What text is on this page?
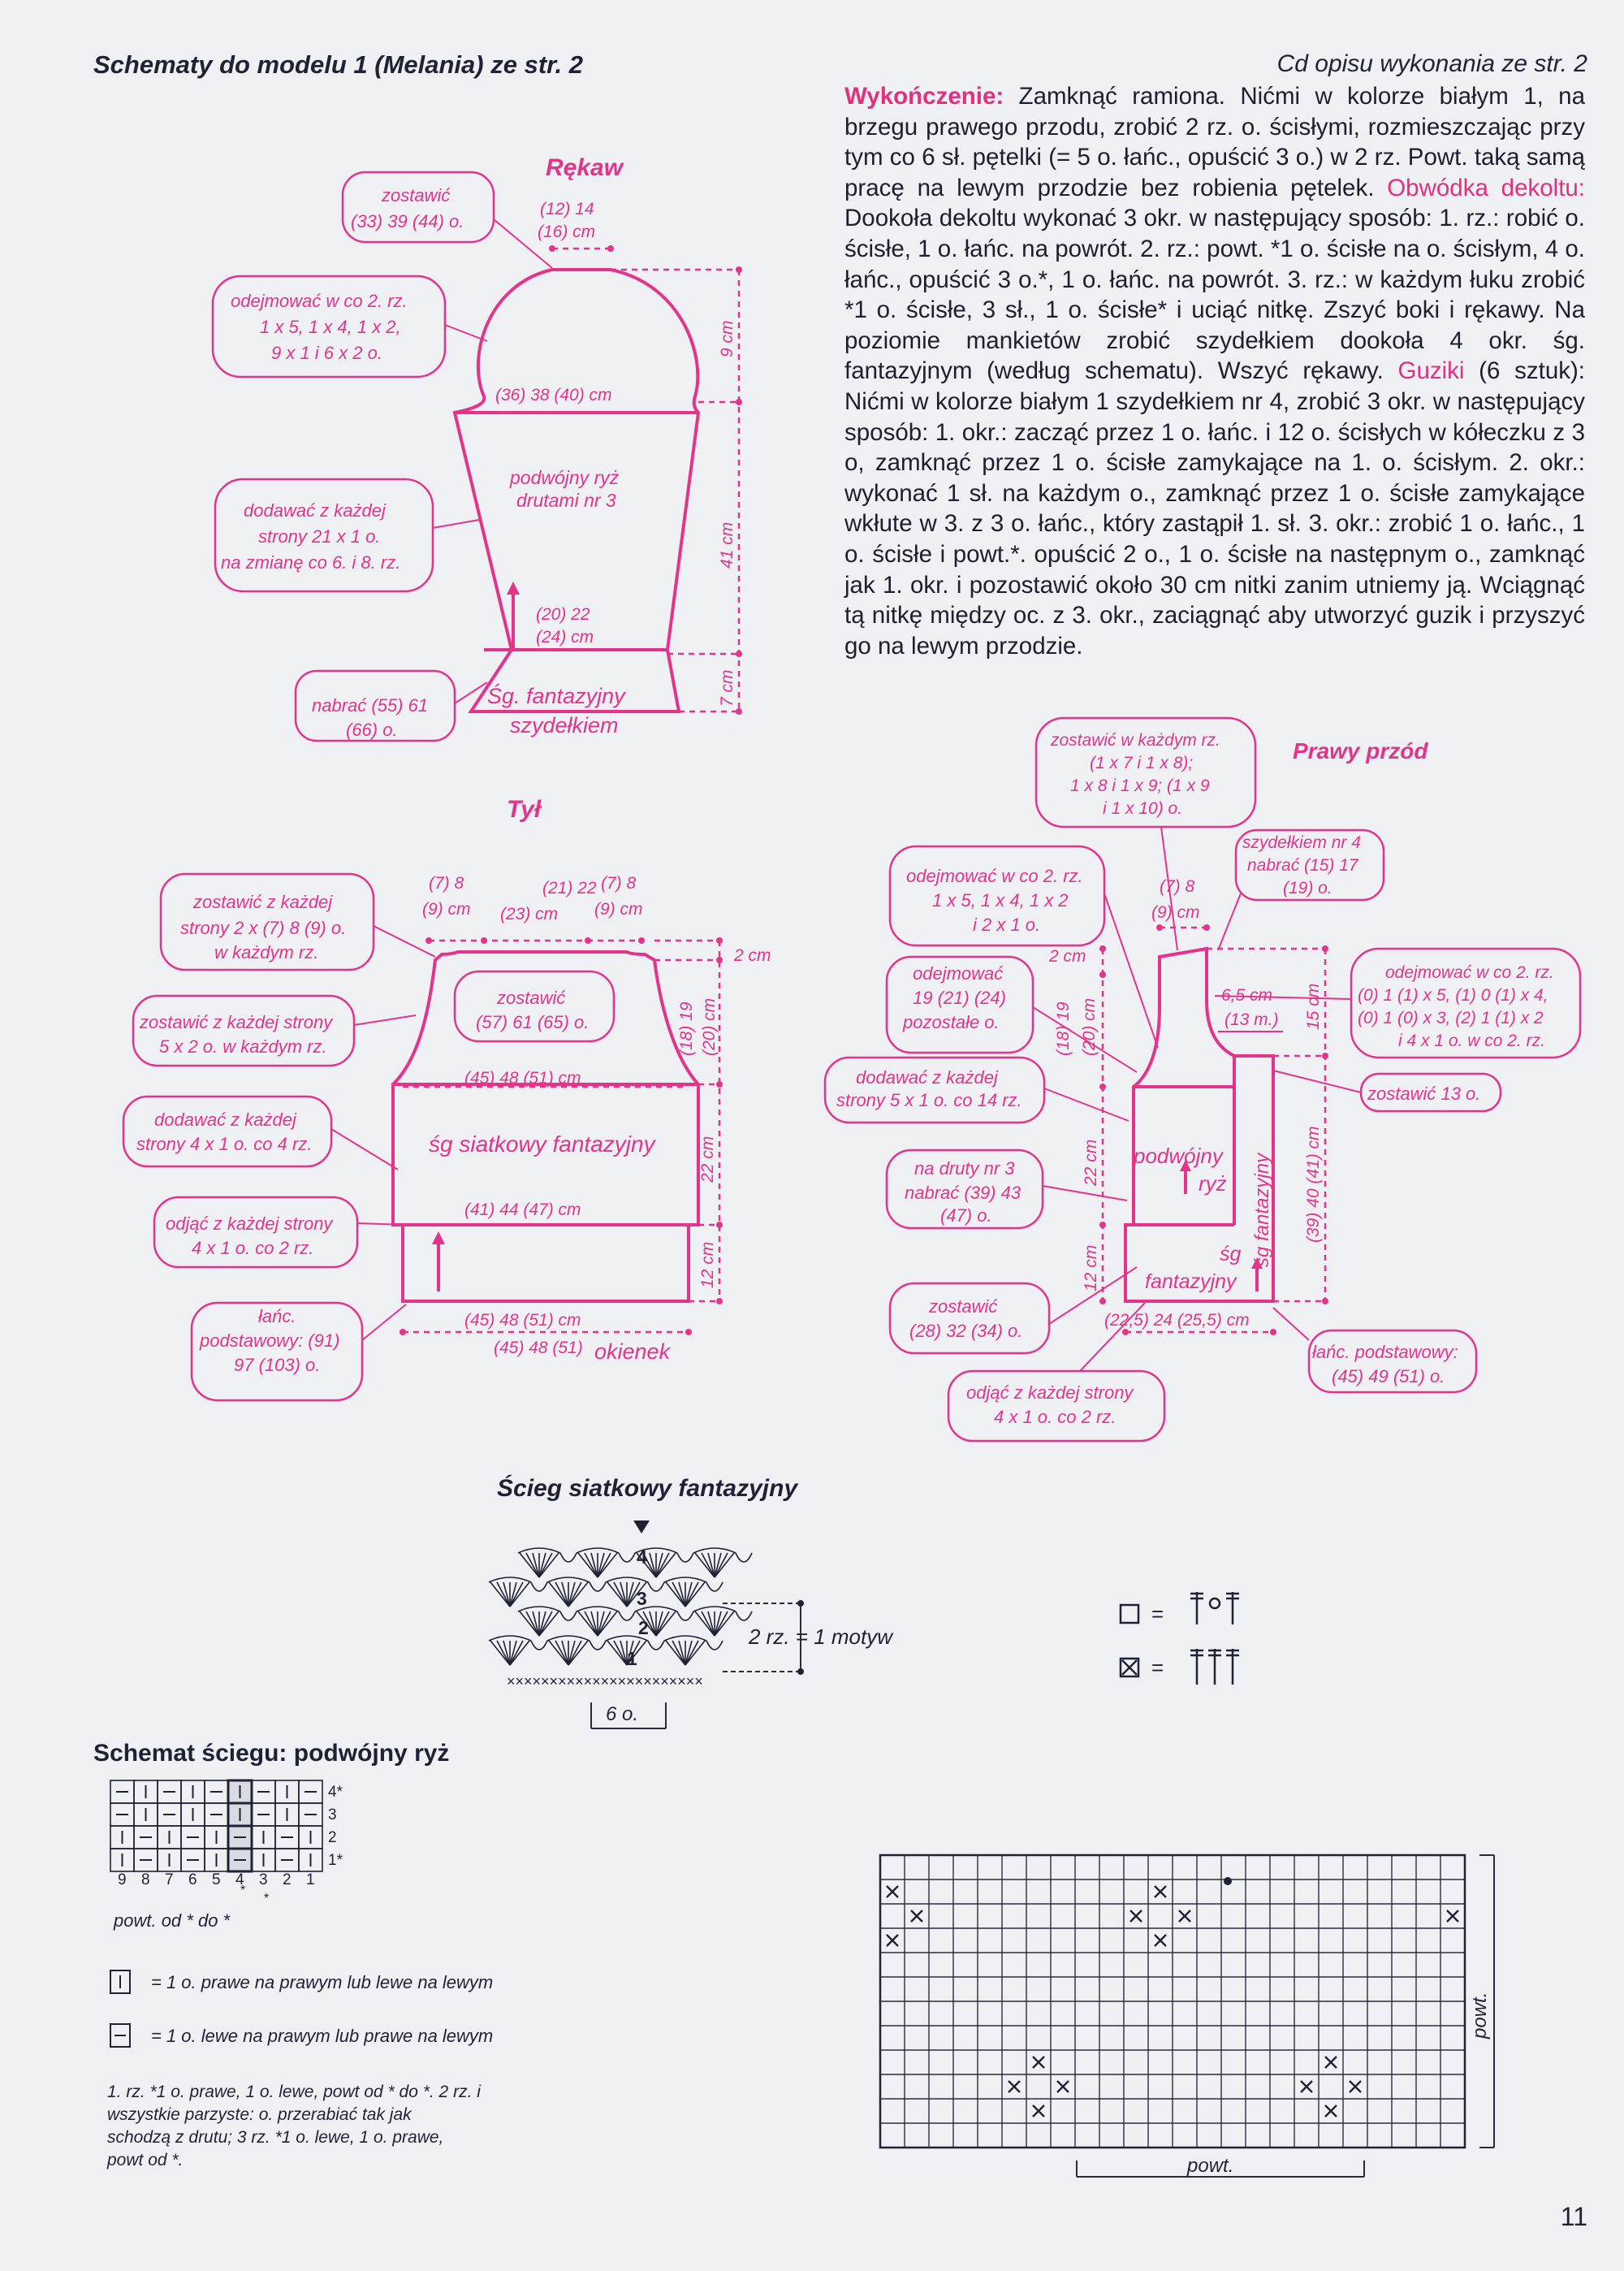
Schematy do modelu 1 (Melania) ze str. 2	Cd opisu wykonania ze str. 2
Wykończenie: Zamknąć ramiona. Nićmi w kolorze białym 1, na brzegu prawego przodu, zrobić 2 rz. o. ścisłymi, rozmieszczając przy tym co 6 sł. pętelki (= 5 o. łańc., opuścić 3 o.) w 2 rz. Powt. taką samą pracę na lewym przodzie bez robienia pętelek. Obwódka dekoltu: Dookoła dekoltu wykonać 3 okr. w następujący sposób: 1. rz.: robić o. ścisłe, 1 o. łańc. na powrót. 2. rz.: powt. *1 o. ścisłe na o. ścisłym, 4 o. łańc., opuścić 3 o.*, 1 o. łańc. na powrót. 3. rz.: w każdym łuku zrobić *1 o. ścisłe, 3 sł., 1 o. ścisłe* i uciąć nitkę. Zszyć boki i rękawy. Na poziomie mankietów zrobić szydełkiem dookoła 4 okr. śg. fantazyjnym (według schematu). Wszyć rękawy. Guziki (6 sztuk): Nićmi w kolorze białym 1 szydełkiem nr 4, zrobić 3 okr. w następujący sposób: 1. okr.: zacząć przez 1 o. łańc. i 12 o. ścisłych w kółeczku z 3 o, zamknąć przez 1 o. ścisłe zamykające na 1. o. ścisłym. 2. okr.: wykonać 1 sł. na każdym o., zamknąć przez 1 o. ścisłe zamykające wkłute w 3. z 3 o. łańc., który zastąpił 1. sł. 3. okr.: zrobić 1 o. łańc., 1 o. ścisłe i powt.*. opuścić 2 o., 1 o. ścisłe na następnym o., zamknąć jak 1. okr. i pozostawić około 30 cm nitki zanim utniemy ją. Wciągnąć tą nitkę między oc. z 3. okr., zaciągnąć aby utworzyć guzik i przyszyć go na lewym przodzie.
Rękaw
(12) 14
(16) cm
(36) 38 (40) cm
(20) 22
(24) cm
9 cm
41 cm
7 cm
podwójny ryż
drutami nr 3
Śg. fantazyjny
szydełkiem
zostawić
(33) 39 (44) o.
odejmować w co 2. rz.
1 x 5, 1 x 4, 1 x 2,
9 x 1 i 6 x 2 o.
dodawać z każdej
strony 21 x 1 o.
na zmianę co 6. i 8. rz.
nabrać (55) 61
(66) o.
Tył
(7) 8
(9) cm
(21) 22
(23) cm
(7) 8
(9) cm
(45) 48 (51) cm
(41) 44 (47) cm
(45) 48 (51) cm
(45) 48 (51) okienek
śg siatkowy fantazyjny
2 cm
(18) 19 (20) cm
22 cm
12 cm
zostawić
(57) 61 (65) o.
zostawić z każdej
strony 2 x (7) 8 (9) o.
w każdym rz.
zostawić z każdej strony
5 x 2 o. w każdym rz.
dodawać z każdej
strony 4 x 1 o. co 4 rz.
odjąć z każdej strony
4 x 1 o. co 2 rz.
łańc.
podstawowy: (91)
97 (103) o.
Prawy przód
podwójny
ryż
śg
fantazyjny
śg fantazyjny
(7) 8
(9) cm
6,5 cm
(13 m.)
(22,5) 24 (25,5) cm
2 cm
(18) 19 (20) cm
22 cm
12 cm
15 cm
(39) 40 (41) cm
zostawić w każdym rz.
(1 x 7 i 1 x 8);
1 x 8 i 1 x 9; (1 x 9
i 1 x 10) o.
szydełkiem nr 4
nabrać (15) 17
(19) o.
odejmować w co 2. rz.
1 x 5, 1 x 4, 1 x 2
i 2 x 1 o.
odejmować
19 (21) (24)
pozostałe o.
dodawać z każdej
strony 5 x 1 o. co 14 rz.
na druty nr 3
nabrać (39) 43
(47) o.
zostawić
(28) 32 (34) o.
odjąć z każdej strony
4 x 1 o. co 2 rz.
odejmować w co 2. rz.
(0) 1 (1) x 5, (1) 0 (1) x 4,
(0) 1 (0) x 3, (2) 1 (1) x 2
i 4 x 1 o. w co 2. rz.
zostawić 13 o.
łańc. podstawowy:
(45) 49 (51) o.
Ścieg siatkowy fantazyjny
×××××××××××××××××××××××
4
3
2
1
2 rz. = 1 motyw
6 o.
=
=
Schemat ściegu: podwójny ryż
4*
3
2
1*
9 8 7 6 5 4 3 2 1
*
*
powt. od * do *
= 1 o. prawe na prawym lub lewe na lewym
= 1 o. lewe na prawym lub prawe na lewym
1. rz. *1 o. prawe, 1 o. lewe, powt od * do *. 2 rz. i
wszystkie parzyste: o. przerabiać tak jak
schodzą z drutu; 3 rz. *1 o. lewe, 1 o. prawe,
powt od *.
powt.
powt.
11
